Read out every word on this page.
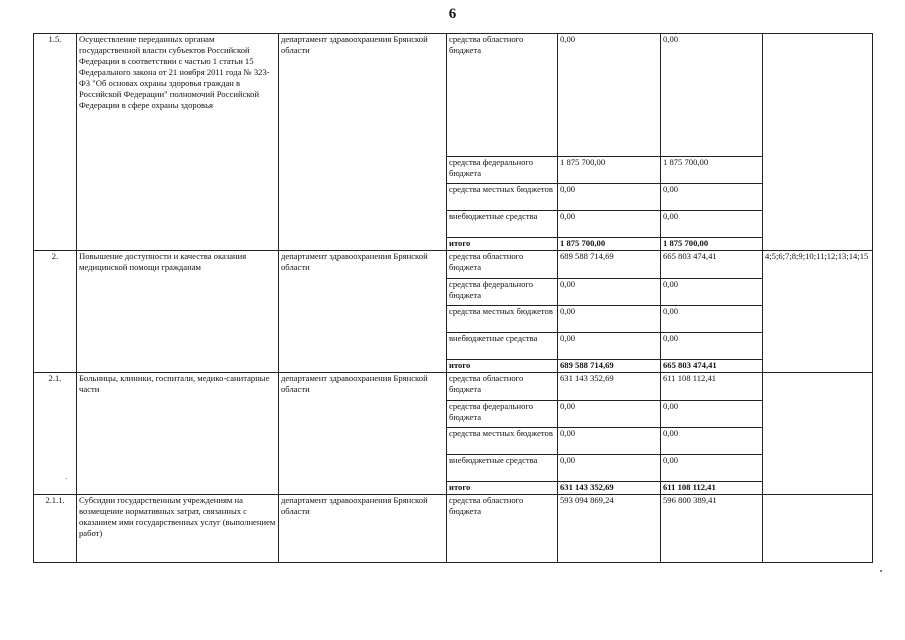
6
1.5.	Осуществление переданных органам государственной власти субъектов Российской Федерации в соответствии с частью 1 статьи 15 Федерального закона от 21 ноября 2011 года № 323-ФЗ "Об основах охраны здоровья граждан в Российской Федерации" полномочий Российской Федерации в сфере охраны здоровья	департамент здравоохранения Брянской области	средства областного бюджета	0,00	0,00	
			средства федерального бюджета	1 875 700,00	1 875 700,00	
			средства местных бюджетов	0,00	0,00	
			внебюджетные средства	0,00	0,00	
			итого	1 875 700,00	1 875 700,00	
2.	Повышение доступности и качества оказания медицинской помощи гражданам	департамент здравоохранения Брянской области	средства областного бюджета	689 588 714,69	665 803 474,41	4;5;6;7;8;9;10;11;12;13;14;15
			средства федерального бюджета	0,00	0,00	
			средства местных бюджетов	0,00	0,00	
			внебюджетные средства	0,00	0,00	
			итого	689 588 714,69	665 803 474,41	
2.1.	Больницы, клиники, госпитали, медико-санитарные части	департамент здравоохранения Брянской области	средства областного бюджета	631 143 352,69	611 108 112,41	
			средства федерального бюджета	0,00	0,00	
			средства местных бюджетов	0,00	0,00	
			внебюджетные средства	0,00	0,00	
			итого	631 143 352,69	611 108 112,41	
2.1.1.	Субсидии государственным учреждениям на возмещение нормативных затрат, связанных с оказанием ими государственных услуг (выполнением работ)	департамент здравоохранения Брянской области	средства областного бюджета	593 094 869,24	596 800 389,41	
